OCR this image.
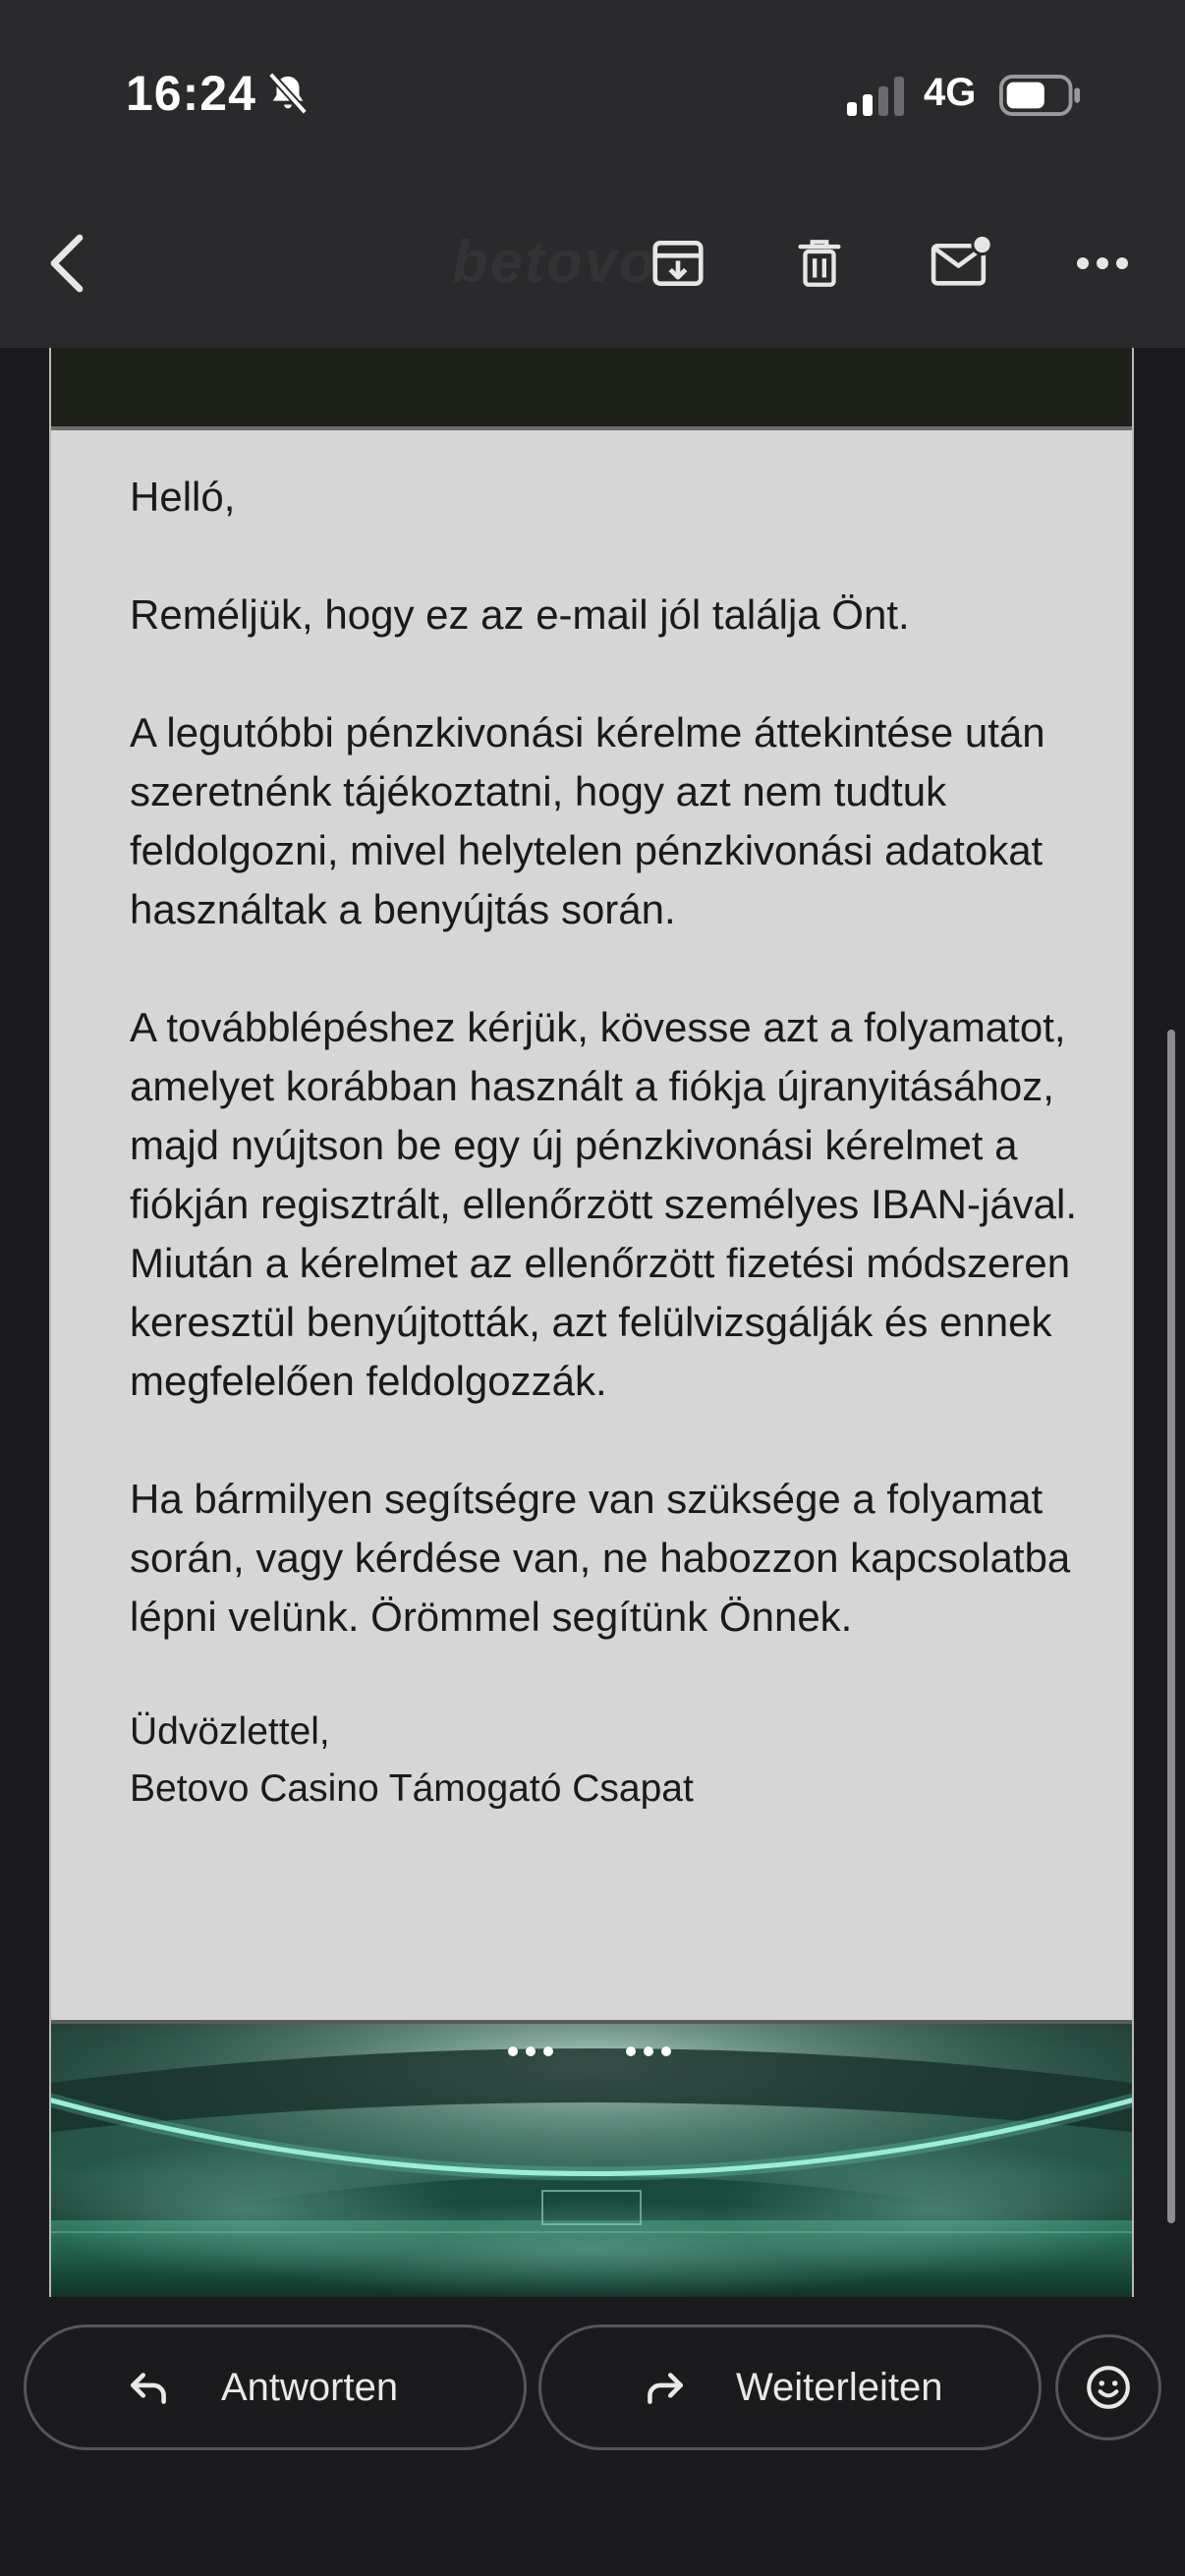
betovo
16:24	4G

Helló,

Reméljük, hogy ez az e-mail jól találja Önt.

A legutóbbi pénzkivonási kérelme áttekintése után szeretnénk tájékoztatni, hogy azt nem tudtuk feldolgozni, mivel helytelen pénzkivonási adatokat használtak a benyújtás során.

A továbblépéshez kérjük, kövesse azt a folyamatot, amelyet korábban használt a fiókja újranyitásához, majd nyújtson be egy új pénzkivonási kérelmet a fiókján regisztrált, ellenőrzött személyes IBAN-jával. Miután a kérelmet az ellenőrzött fizetési módszeren keresztül benyújtották, azt felülvizsgálják és ennek megfelelően feldolgozzák.

Ha bármilyen segítségre van szüksége a folyamat során, vagy kérdése van, ne habozzon kapcsolatba lépni velünk. Örömmel segítünk Önnek.

Üdvözlettel,
Betovo Casino Támogató Csapat
Antworten	Weiterleiten
